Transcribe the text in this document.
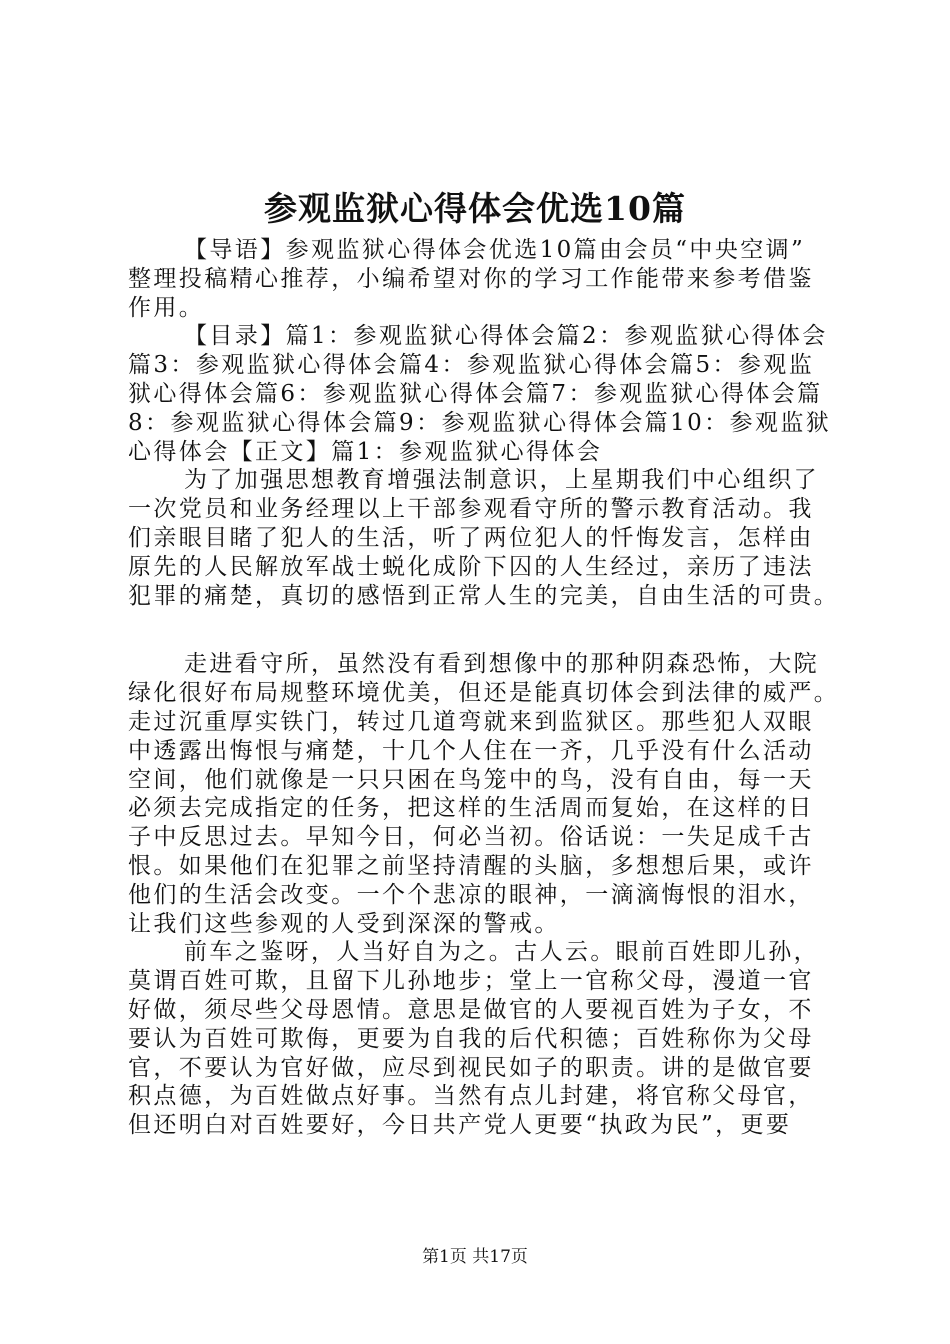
参观监狱心得体会优选10篇
【导语】参观监狱心得体会优选10篇由会员“中央空调”
整理投稿精心推荐，小编希望对你的学习工作能带来参考借鉴
作用。
【目录】篇1：参观监狱心得体会篇2：参观监狱心得体会
篇3：参观监狱心得体会篇4：参观监狱心得体会篇5：参观监
狱心得体会篇6：参观监狱心得体会篇7：参观监狱心得体会篇
8：参观监狱心得体会篇9：参观监狱心得体会篇10：参观监狱
心得体会【正文】篇1：参观监狱心得体会
为了加强思想教育增强法制意识，上星期我们中心组织了
一次党员和业务经理以上干部参观看守所的警示教育活动。我
们亲眼目睹了犯人的生活，听了两位犯人的忏悔发言，怎样由
原先的人民解放军战士蜕化成阶下囚的人生经过，亲历了违法
犯罪的痛楚，真切的感悟到正常人生的完美，自由生活的可贵。
走进看守所，虽然没有看到想像中的那种阴森恐怖，大院
绿化很好布局规整环境优美，但还是能真切体会到法律的威严。
走过沉重厚实铁门，转过几道弯就来到监狱区。那些犯人双眼
中透露出悔恨与痛楚，十几个人住在一齐，几乎没有什么活动
空间，他们就像是一只只困在鸟笼中的鸟，没有自由，每一天
必须去完成指定的任务，把这样的生活周而复始，在这样的日
子中反思过去。早知今日，何必当初。俗话说：一失足成千古
恨。如果他们在犯罪之前坚持清醒的头脑，多想想后果，或许
他们的生活会改变。一个个悲凉的眼神，一滴滴悔恨的泪水，
让我们这些参观的人受到深深的警戒。
前车之鉴呀，人当好自为之。古人云。眼前百姓即儿孙，
莫谓百姓可欺，且留下儿孙地步；堂上一官称父母，漫道一官
好做，须尽些父母恩情。意思是做官的人要视百姓为子女，不
要认为百姓可欺侮，更要为自我的后代积德；百姓称你为父母
官，不要认为官好做，应尽到视民如子的职责。讲的是做官要
积点德，为百姓做点好事。当然有点儿封建，将官称父母官，
但还明白对百姓要好，今日共产党人更要“执政为民”，更要
第1页 共17页
